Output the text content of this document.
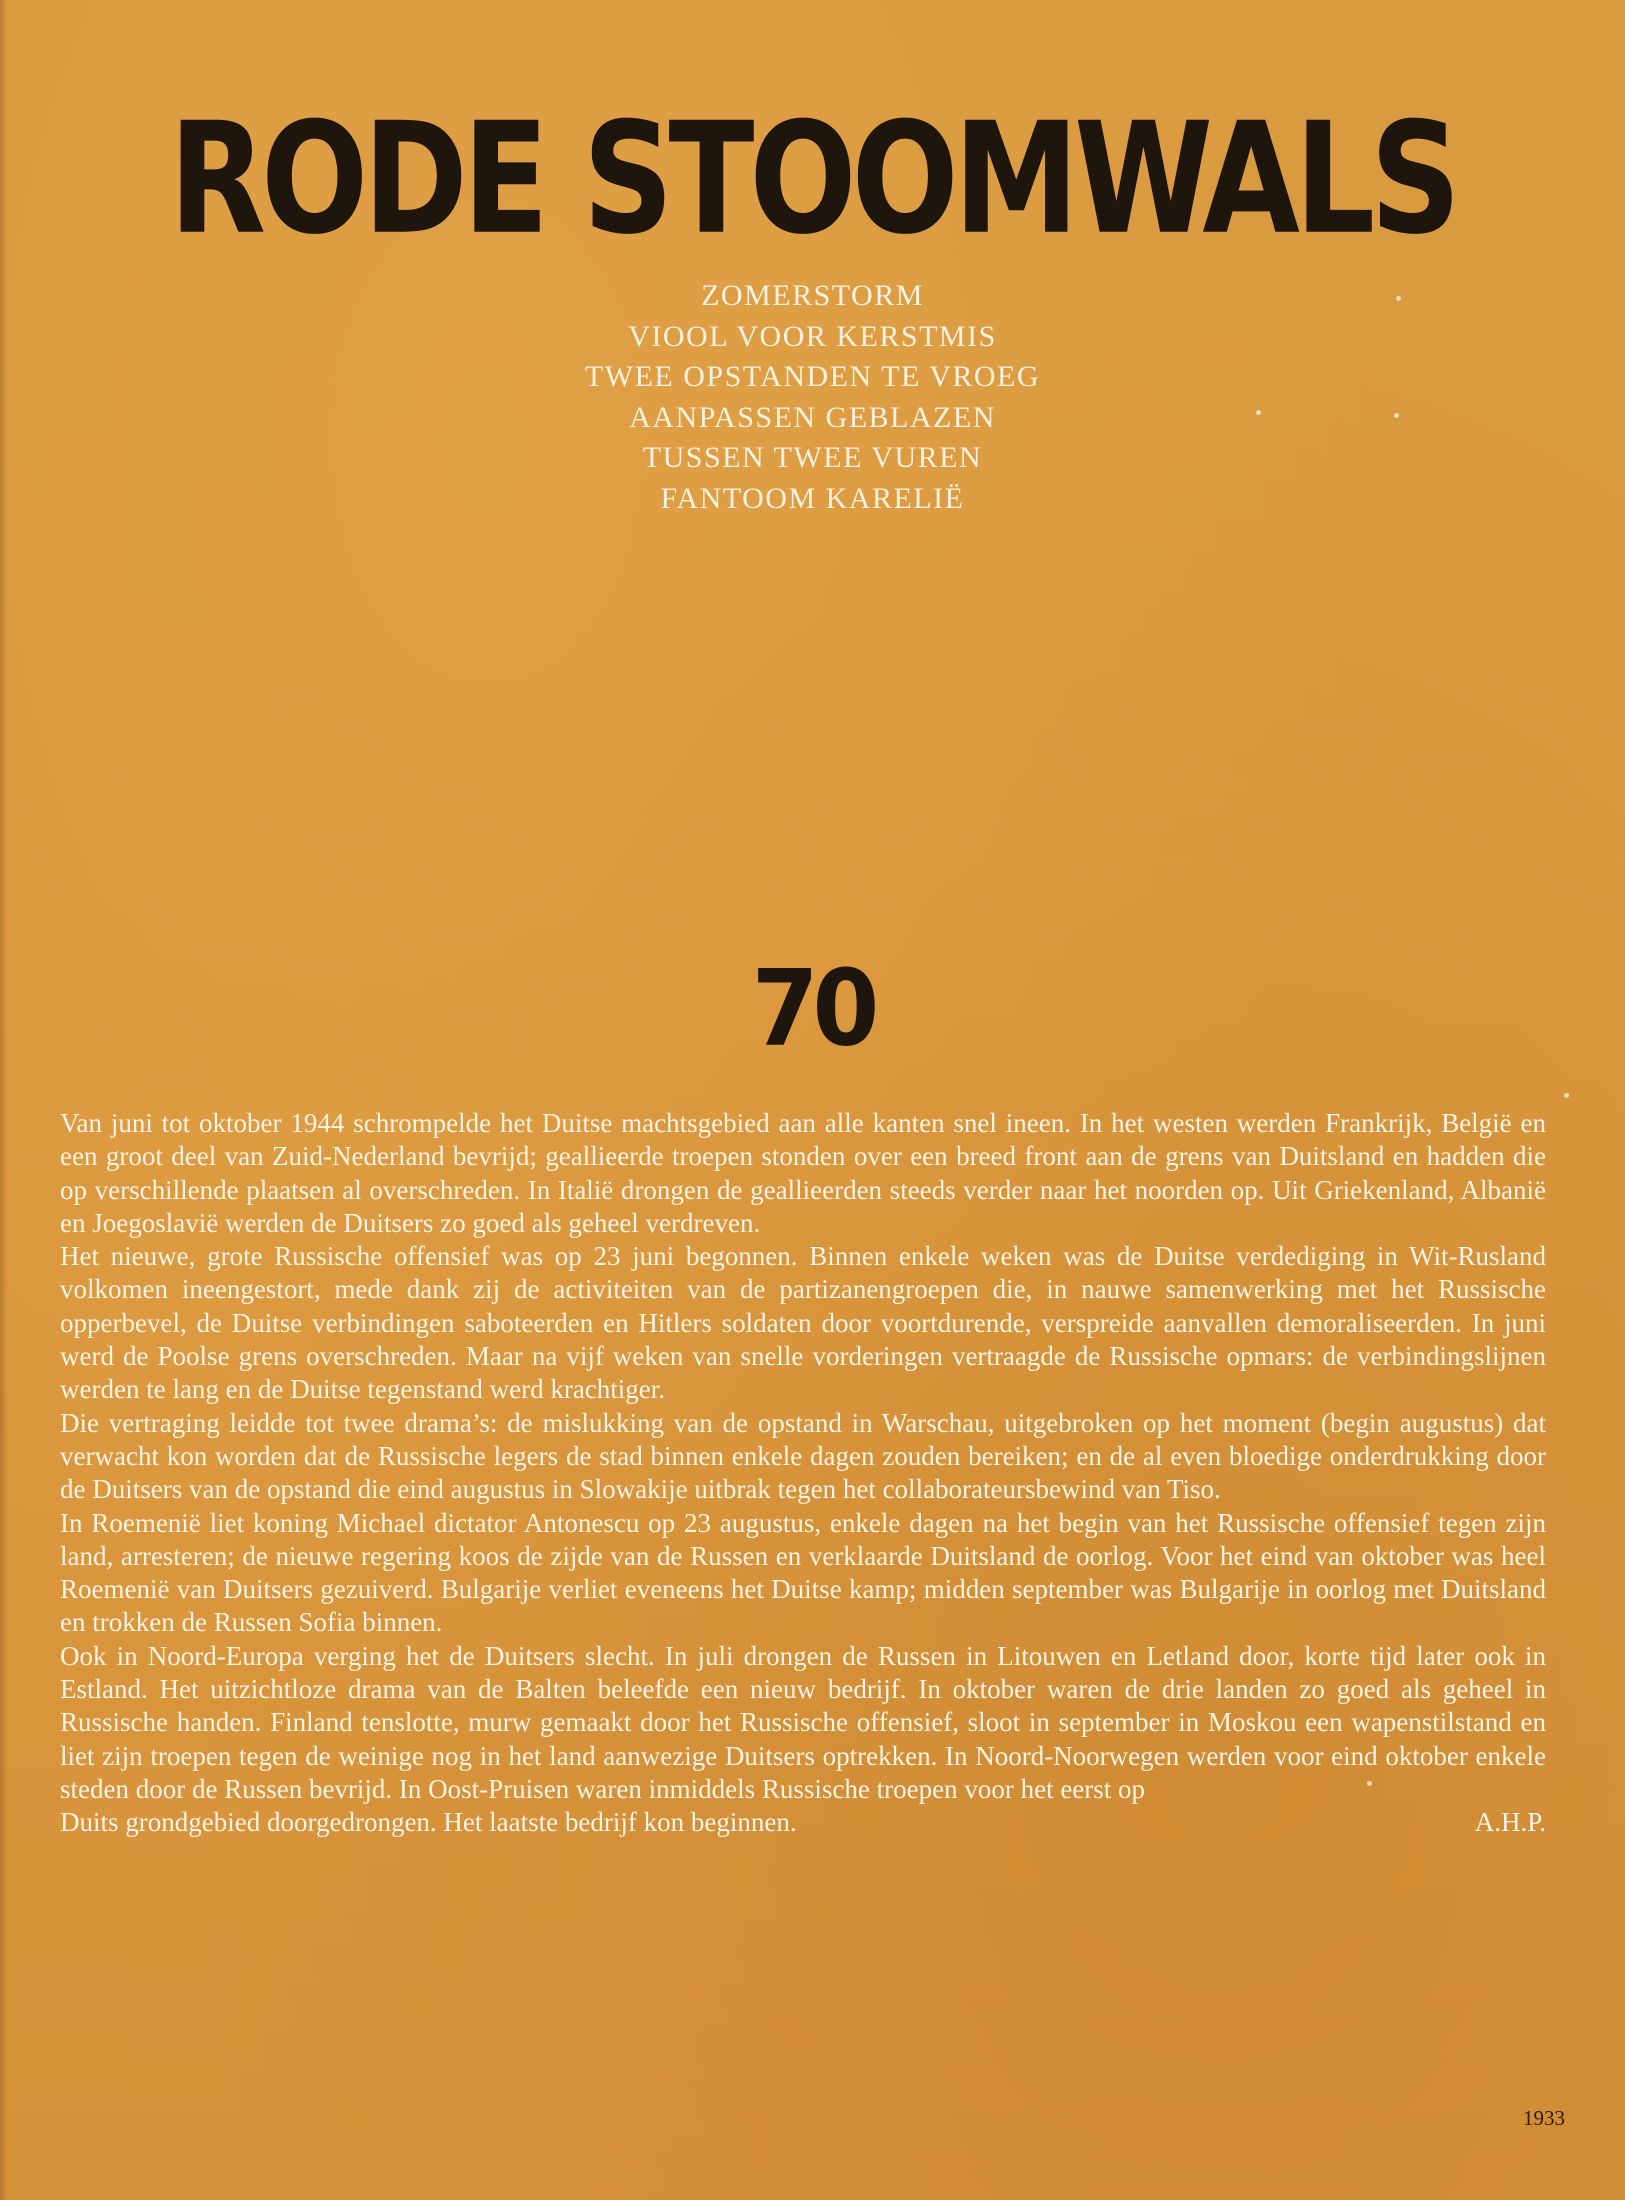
RODE STOOMWALS
ZOMERSTORM
VIOOL VOOR KERSTMIS
TWEE OPSTANDEN TE VROEG
AANPASSEN GEBLAZEN
TUSSEN TWEE VUREN
FANTOOM KARELIË
70

Van juni tot oktober 1944 schrompelde het Duitse machtsgebied aan alle kanten snel ineen. In het westen werden Frankrijk, België en een groot deel van Zuid-Nederland bevrijd; geallieerde troepen stonden over een breed front aan de grens van Duitsland en hadden die op verschillende plaatsen al overschreden. In Italië drongen de geallieerden steeds verder naar het noorden op. Uit Griekenland, Albanië en Joegoslavië werden de Duitsers zo goed als geheel verdreven.

Het nieuwe, grote Russische offensief was op 23 juni begonnen. Binnen enkele weken was de Duitse verdediging in Wit-Rusland volkomen ineengestort, mede dank zij de activiteiten van de partizanengroepen die, in nauwe samenwerking met het Russische opperbevel, de Duitse verbindingen saboteerden en Hitlers soldaten door voortdurende, verspreide aanvallen demoraliseerden. In juni werd de Poolse grens overschreden. Maar na vijf weken van snelle vorderingen vertraagde de Russische opmars: de verbindingslijnen werden te lang en de Duitse tegenstand werd krachtiger.

Die vertraging leidde tot twee drama’s: de mislukking van de opstand in Warschau, uitgebroken op het moment (begin augustus) dat verwacht kon worden dat de Russische legers de stad binnen enkele dagen zouden bereiken; en de al even bloedige onderdrukking door de Duitsers van de opstand die eind augustus in Slowakije uitbrak tegen het collaborateursbewind van Tiso.

In Roemenië liet koning Michael dictator Antonescu op 23 augustus, enkele dagen na het begin van het Russische offensief tegen zijn land, arresteren; de nieuwe regering koos de zijde van de Russen en verklaarde Duitsland de oorlog. Voor het eind van oktober was heel Roemenië van Duitsers gezuiverd. Bulgarije verliet eveneens het Duitse kamp; midden september was Bulgarije in oorlog met Duitsland en trokken de Russen Sofia binnen.

Ook in Noord-Europa verging het de Duitsers slecht. In juli drongen de Russen in Litouwen en Letland door, korte tijd later ook in Estland. Het uitzichtloze drama van de Balten beleefde een nieuw bedrijf. In oktober waren de drie landen zo goed als geheel in Russische handen. Finland tenslotte, murw gemaakt door het Russische offensief, sloot in september in Moskou een wapenstilstand en liet zijn troepen tegen de weinige nog in het land aanwezige Duitsers optrekken. In Noord-Noorwegen werden voor eind oktober enkele steden door de Russen bevrijd. In Oost-Pruisen waren inmiddels Russische troepen voor het eerst op

Duits grondgebied doorgedrongen. Het laatste bedrijf kon beginnen.	A.H.P.
1933
